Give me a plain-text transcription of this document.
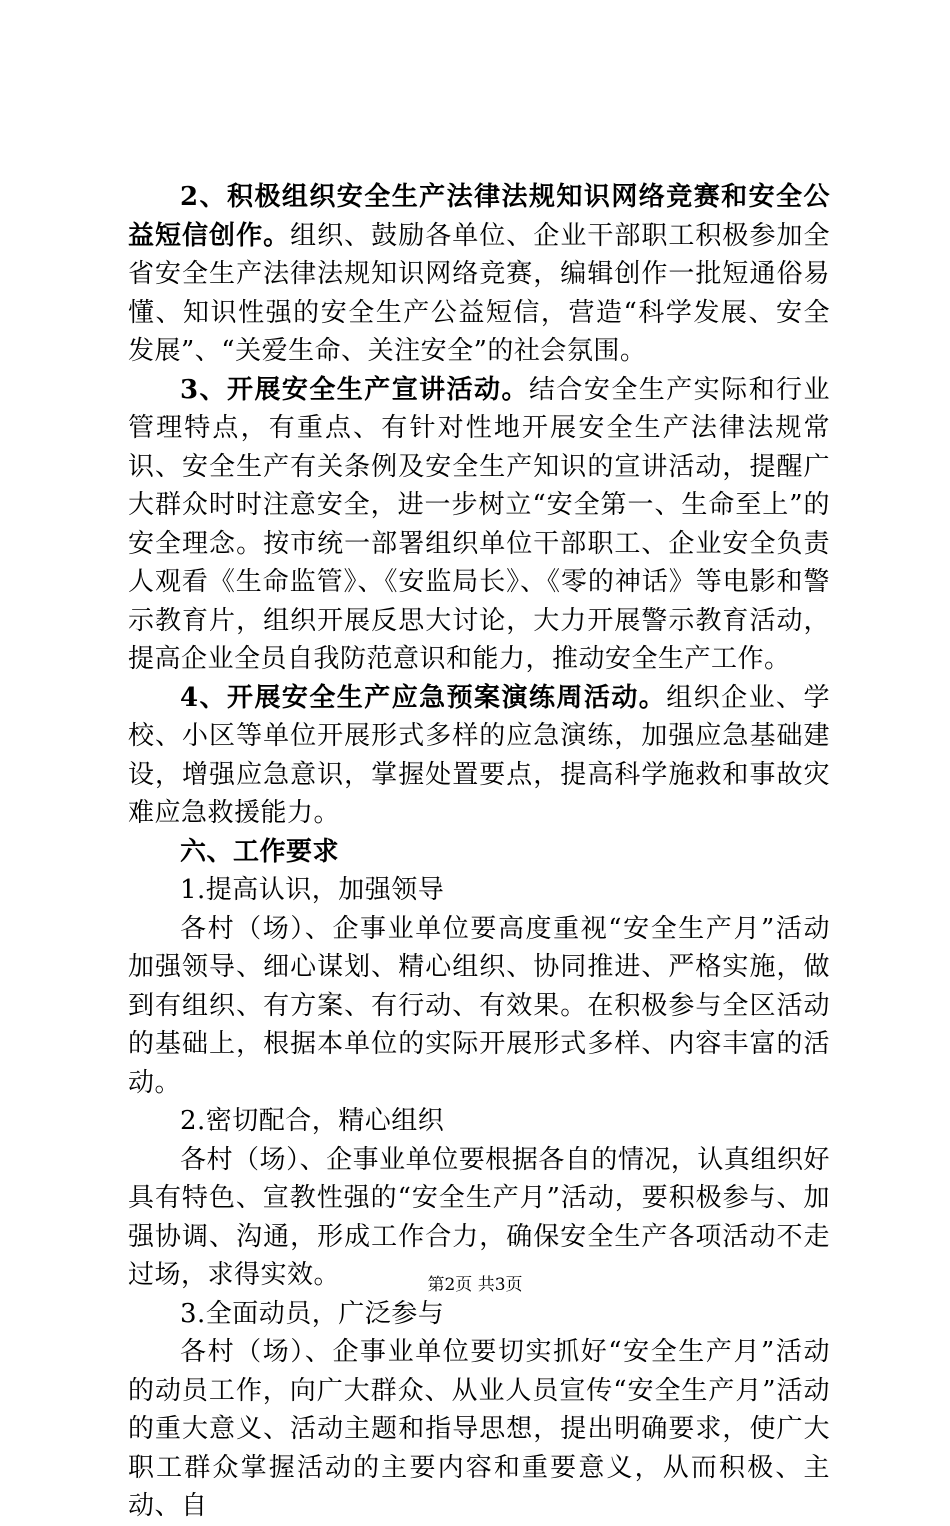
2、积极组织安全生产法律法规知识网络竞赛和安全公益短信创作。组织、鼓励各单位、企业干部职工积极参加全省安全生产法律法规知识网络竞赛，编辑创作一批短通俗易懂、知识性强的安全生产公益短信，营造“科学发展、安全发展”、“关爱生命、关注安全”的社会氛围。

3、开展安全生产宣讲活动。结合安全生产实际和行业管理特点，有重点、有针对性地开展安全生产法律法规常识、安全生产有关条例及安全生产知识的宣讲活动，提醒广大群众时时注意安全，进一步树立“安全第一、生命至上”的安全理念。按市统一部署组织单位干部职工、企业安全负责人观看《生命监管》、《安监局长》、《零的神话》等电影和警示教育片，组织开展反思大讨论，大力开展警示教育活动，提高企业全员自我防范意识和能力，推动安全生产工作。

4、开展安全生产应急预案演练周活动。组织企业、学校、小区等单位开展形式多样的应急演练，加强应急基础建设，增强应急意识，掌握处置要点，提高科学施救和事故灾难应急救援能力。

六、工作要求

1.提高认识，加强领导

各村（场）、企事业单位要高度重视“安全生产月”活动加强领导、细心谋划、精心组织、协同推进、严格实施，做到有组织、有方案、有行动、有效果。在积极参与全区活动的基础上，根据本单位的实际开展形式多样、内容丰富的活动。

2.密切配合，精心组织

各村（场）、企事业单位要根据各自的情况，认真组织好具有特色、宣教性强的“安全生产月”活动，要积极参与、加强协调、沟通，形成工作合力，确保安全生产各项活动不走过场，求得实效。

3.全面动员，广泛参与

各村（场）、企事业单位要切实抓好“安全生产月”活动的动员工作，向广大群众、从业人员宣传“安全生产月”活动的重大意义、活动主题和指导思想，提出明确要求，使广大职工群众掌握活动的主要内容和重要意义，从而积极、主动、自

第2页 共3页
